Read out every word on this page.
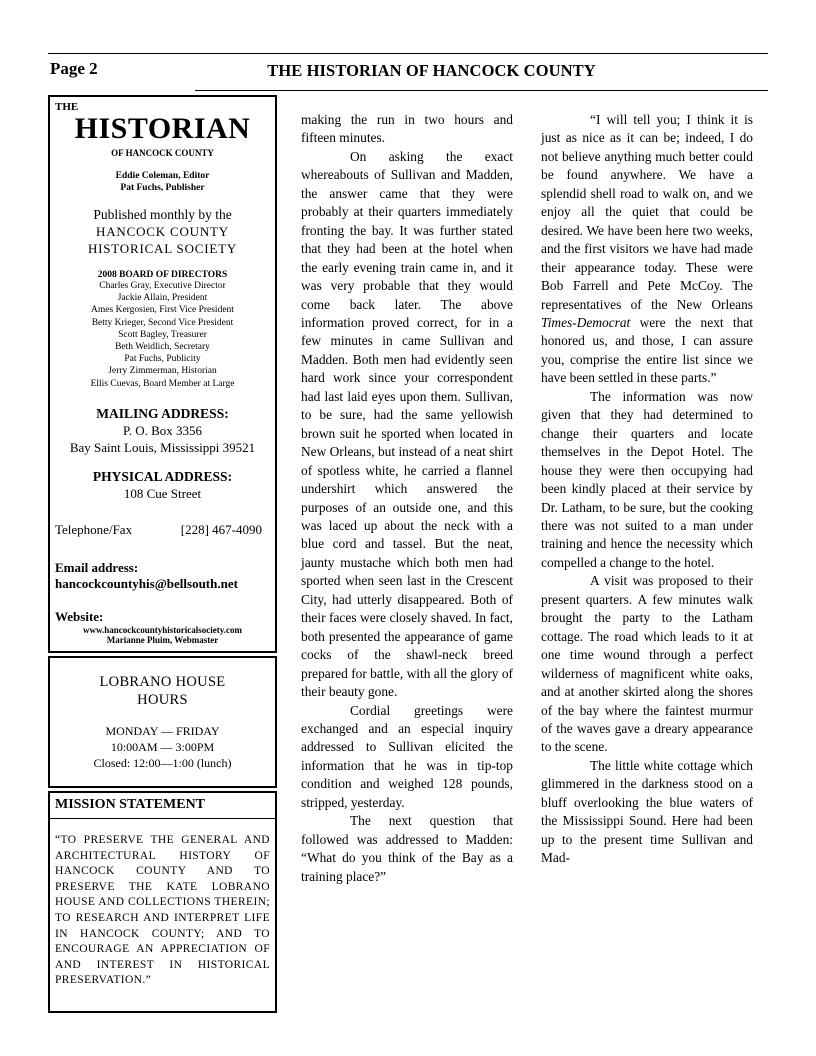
Page 2	THE HISTORIAN OF HANCOCK COUNTY
THE
HISTORIAN
OF HANCOCK COUNTY
Eddie Coleman, Editor
Pat Fuchs, Publisher
Published monthly by the
HANCOCK COUNTY
HISTORICAL SOCIETY
2008 BOARD OF DIRECTORS
Charles Gray, Executive Director
Jackie Allain, President
Ames Kergosien, First Vice President
Betty Krieger, Second Vice President
Scott Bagley, Treasurer
Beth Weidlich, Secretary
Pat Fuchs, Publicity
Jerry Zimmerman, Historian
Ellis Cuevas, Board Member at Large
MAILING ADDRESS:
P. O. Box 3356
Bay Saint Louis, Mississippi 39521
PHYSICAL ADDRESS:
108 Cue Street
Telephone/Fax	[228] 467-4090
Email address:
hancockcountyhis@bellsouth.net
Website:
www.hancockcountyhistoricalsociety.com
Marianne Pluim, Webmaster
LOBRANO HOUSE
HOURS
MONDAY — FRIDAY
10:00AM — 3:00PM
Closed: 12:00—1:00 (lunch)
MISSION STATEMENT
“TO PRESERVE THE GENERAL AND ARCHITECTURAL HISTORY OF HANCOCK COUNTY AND TO PRESERVE THE KATE LOBRANO HOUSE AND COLLECTIONS THEREIN; TO RESEARCH AND INTERPRET LIFE IN HANCOCK COUNTY; AND TO ENCOURAGE AN APPRECIATION OF AND INTEREST IN HISTORICAL PRESERVATION.”

making the run in two hours and fifteen minutes.

On asking the exact whereabouts of Sullivan and Madden, the answer came that they were probably at their quarters immediately fronting the bay. It was further stated that they had been at the hotel when the early evening train came in, and it was very probable that they would come back later. The above information proved correct, for in a few minutes in came Sullivan and Madden. Both men had evidently seen hard work since your correspondent had last laid eyes upon them. Sullivan, to be sure, had the same yellowish brown suit he sported when located in New Orleans, but instead of a neat shirt of spotless white, he carried a flannel undershirt which answered the purposes of an outside one, and this was laced up about the neck with a blue cord and tassel. But the neat, jaunty mustache which both men had sported when seen last in the Crescent City, had utterly disappeared. Both of their faces were closely shaved. In fact, both presented the appearance of game cocks of the shawl-neck breed prepared for battle, with all the glory of their beauty gone.

Cordial greetings were exchanged and an especial inquiry addressed to Sullivan elicited the information that he was in tip-top condition and weighed 128 pounds, stripped, yesterday.

The next question that followed was addressed to Madden: “What do you think of the Bay as a training place?”

“I will tell you; I think it is just as nice as it can be; indeed, I do not believe anything much better could be found anywhere. We have a splendid shell road to walk on, and we enjoy all the quiet that could be desired. We have been here two weeks, and the first visitors we have had made their appearance today. These were Bob Farrell and Pete McCoy. The representatives of the New Orleans Times-Democrat were the next that honored us, and those, I can assure you, comprise the entire list since we have been settled in these parts.”

The information was now given that they had determined to change their quarters and locate themselves in the Depot Hotel. The house they were then occupying had been kindly placed at their service by Dr. Latham, to be sure, but the cooking there was not suited to a man under training and hence the necessity which compelled a change to the hotel.

A visit was proposed to their present quarters. A few minutes walk brought the party to the Latham cottage. The road which leads to it at one time wound through a perfect wilderness of magnificent white oaks, and at another skirted along the shores of the bay where the faintest murmur of the waves gave a dreary appearance to the scene.

The little white cottage which glimmered in the darkness stood on a bluff overlooking the blue waters of the Mississippi Sound. Here had been up to the present time Sullivan and Mad-
